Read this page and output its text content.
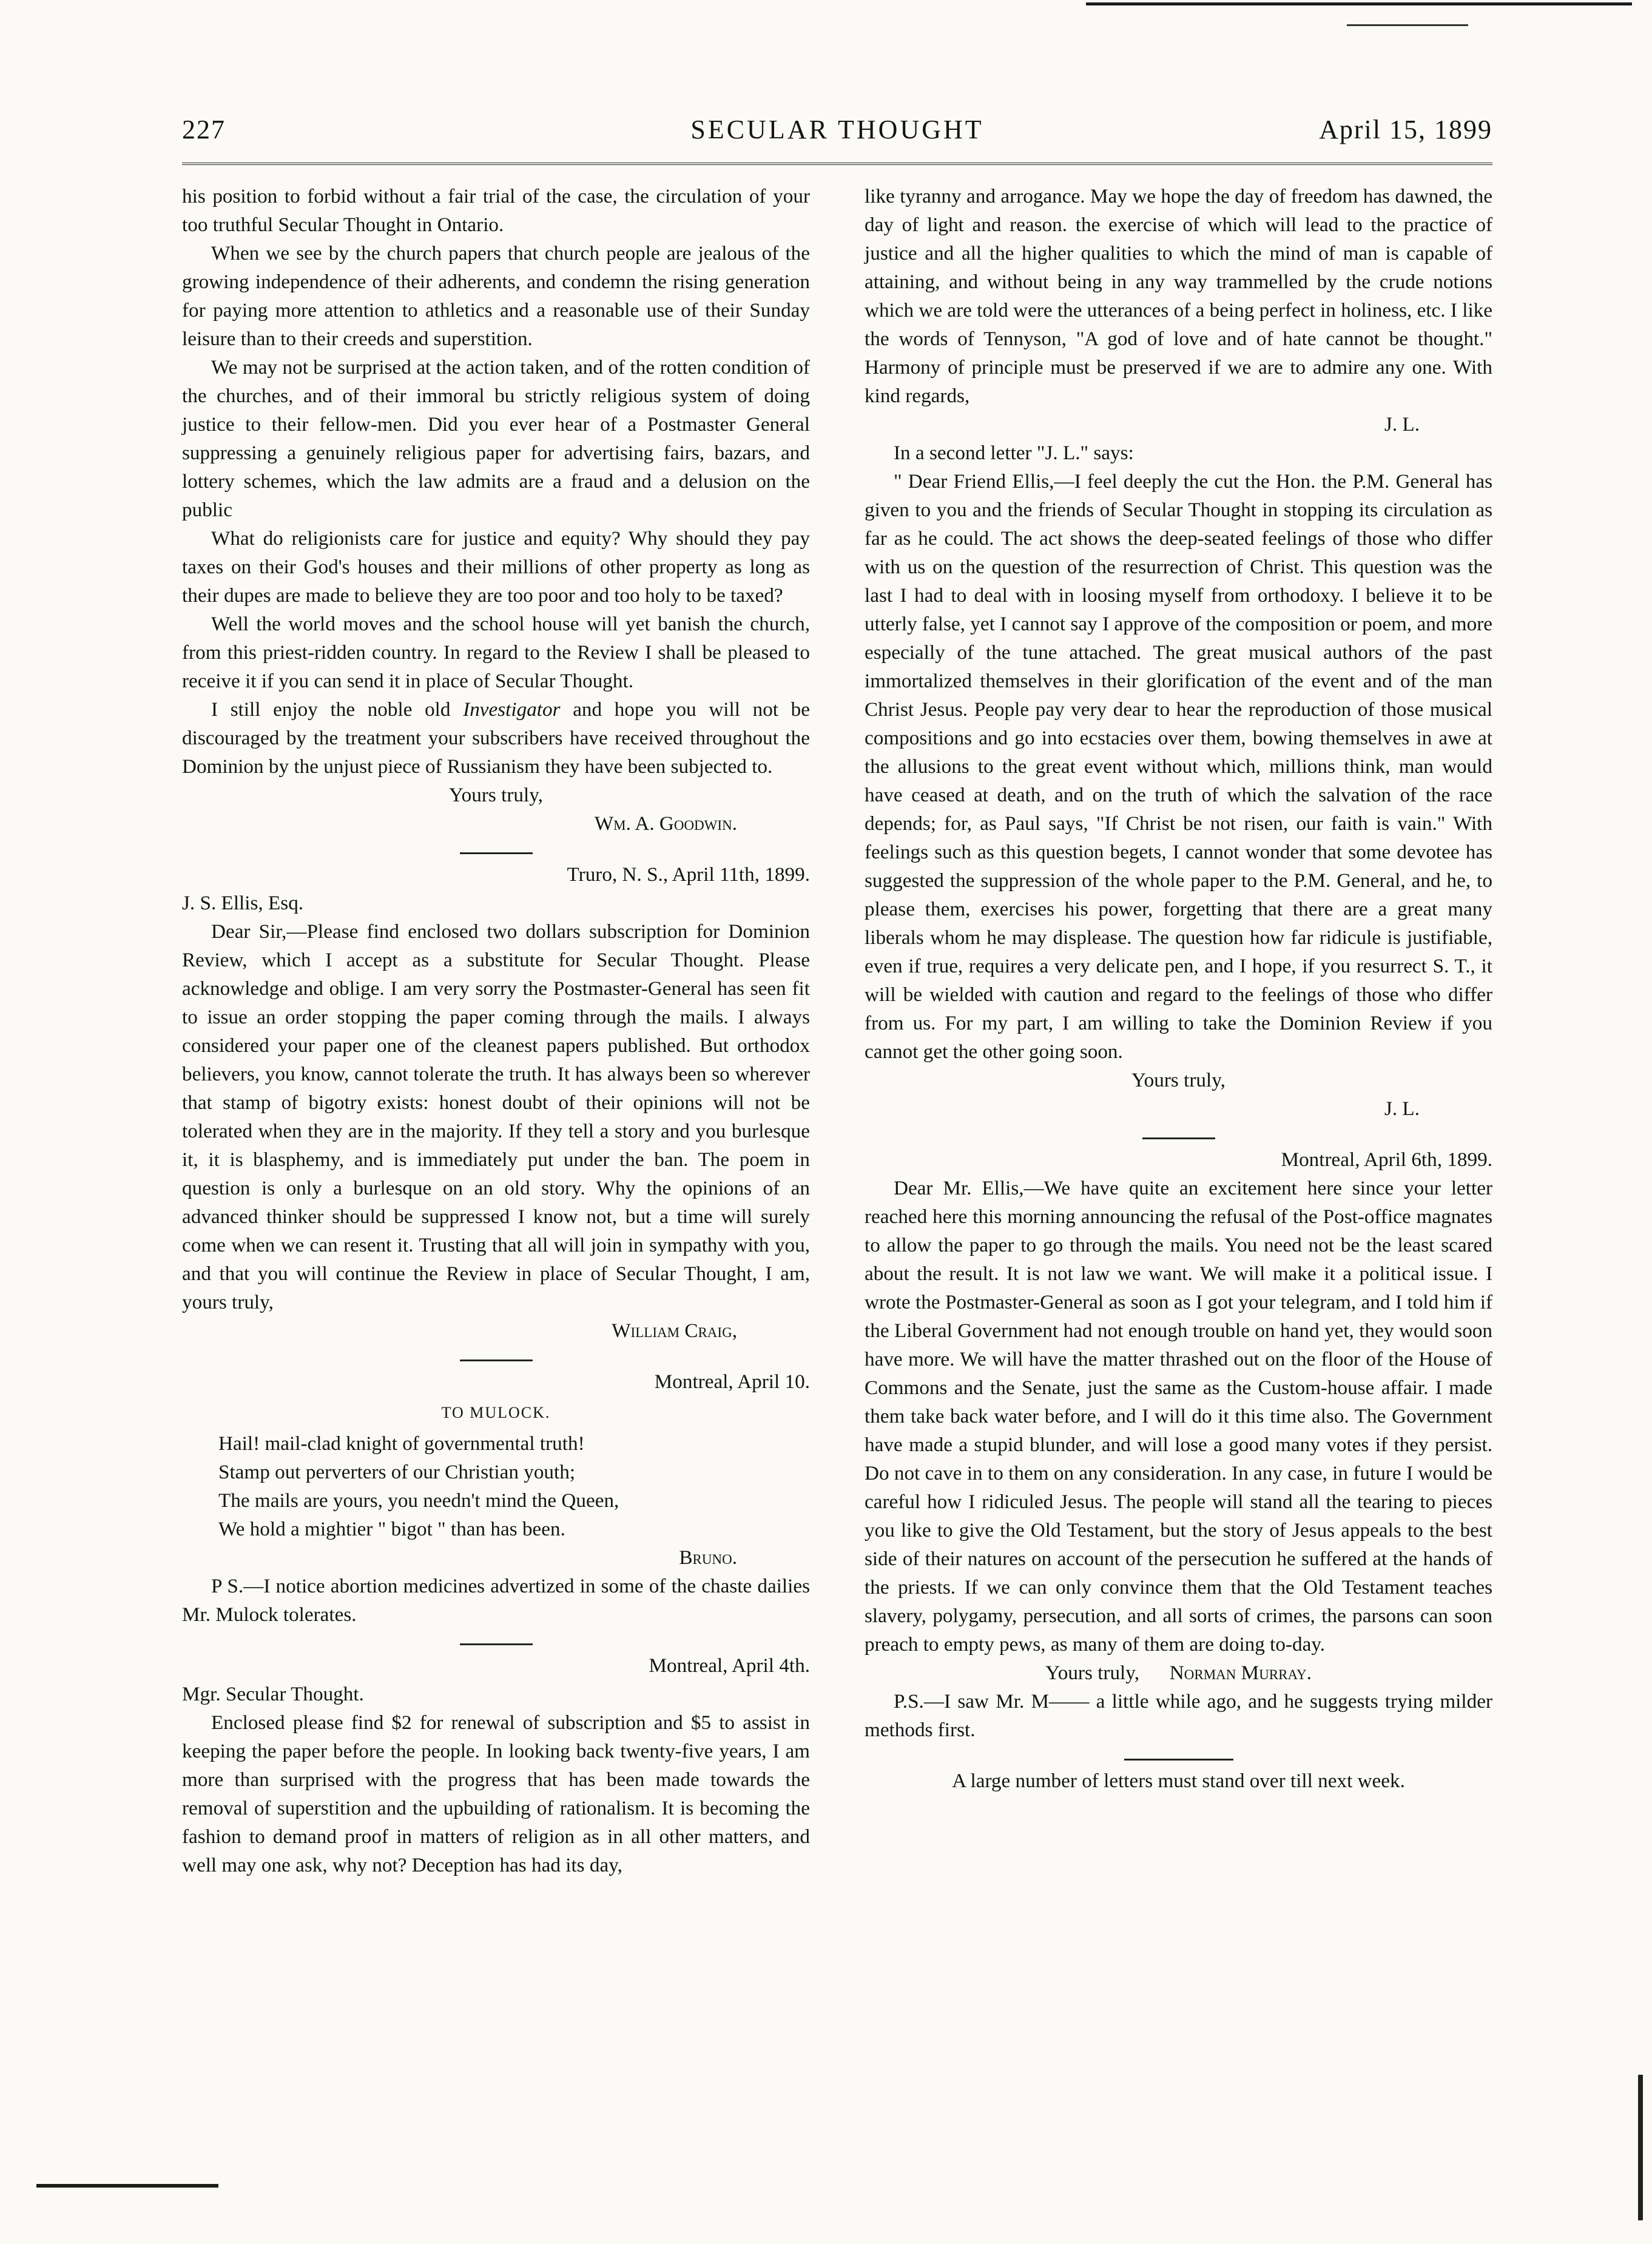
227	SECULAR THOUGHT	April 15, 1899

his position to forbid without a fair trial of the case, the circulation of your too truthful Secular Thought in Ontario.

When we see by the church papers that church people are jealous of the growing independence of their adherents, and condemn the rising generation for paying more attention to athletics and a reasonable use of their Sunday leisure than to their creeds and superstition.

We may not be surprised at the action taken, and of the rotten condition of the churches, and of their immoral bu strictly religious system of doing justice to their fellow-men. Did you ever hear of a Postmaster General suppressing a genuinely religious paper for advertising fairs, bazars, and lottery schemes, which the law admits are a fraud and a delusion on the public

What do religionists care for justice and equity? Why should they pay taxes on their God's houses and their millions of other property as long as their dupes are made to believe they are too poor and too holy to be taxed?

Well the world moves and the school house will yet banish the church, from this priest-ridden country. In regard to the Review I shall be pleased to receive it if you can send it in place of Secular Thought.

I still enjoy the noble old Investigator and hope you will not be discouraged by the treatment your subscribers have received throughout the Dominion by the unjust piece of Russianism they have been subjected to.

Yours truly,

Wm. A. Goodwin.

Truro, N. S., April 11th, 1899.

J. S. Ellis, Esq.

Dear Sir,—Please find enclosed two dollars subscription for Dominion Review, which I accept as a substitute for Secular Thought. Please acknowledge and oblige. I am very sorry the Postmaster-General has seen fit to issue an order stopping the paper coming through the mails. I always considered your paper one of the cleanest papers published. But orthodox believers, you know, cannot tolerate the truth. It has always been so wherever that stamp of bigotry exists: honest doubt of their opinions will not be tolerated when they are in the majority. If they tell a story and you burlesque it, it is blasphemy, and is immediately put under the ban. The poem in question is only a burlesque on an old story. Why the opinions of an advanced thinker should be suppressed I know not, but a time will surely come when we can resent it. Trusting that all will join in sympathy with you, and that you will continue the Review in place of Secular Thought, I am, yours truly,

William Craig,

Montreal, April 10.

TO MULOCK.

Hail! mail-clad knight of governmental truth!

Stamp out perverters of our Christian youth;

The mails are yours, you needn't mind the Queen,

We hold a mightier " bigot " than has been.

Bruno.

P S.—I notice abortion medicines advertized in some of the chaste dailies Mr. Mulock tolerates.

Montreal, April 4th.

Mgr. Secular Thought.

Enclosed please find $2 for renewal of subscription and $5 to assist in keeping the paper before the people. In looking back twenty-five years, I am more than surprised with the progress that has been made towards the removal of superstition and the upbuilding of rationalism. It is becoming the fashion to demand proof in matters of religion as in all other matters, and well may one ask, why not? Deception has had its day,

like tyranny and arrogance. May we hope the day of freedom has dawned, the day of light and reason. the exercise of which will lead to the practice of justice and all the higher qualities to which the mind of man is capable of attaining, and without being in any way trammelled by the crude notions which we are told were the utterances of a being perfect in holiness, etc. I like the words of Tennyson, "A god of love and of hate cannot be thought." Harmony of principle must be preserved if we are to admire any one. With kind regards,

J. L.

In a second letter "J. L." says:

" Dear Friend Ellis,—I feel deeply the cut the Hon. the P.M. General has given to you and the friends of Secular Thought in stopping its circulation as far as he could. The act shows the deep-seated feelings of those who differ with us on the question of the resurrection of Christ. This question was the last I had to deal with in loosing myself from orthodoxy. I believe it to be utterly false, yet I cannot say I approve of the composition or poem, and more especially of the tune attached. The great musical authors of the past immortalized themselves in their glorification of the event and of the man Christ Jesus. People pay very dear to hear the reproduction of those musical compositions and go into ecstacies over them, bowing themselves in awe at the allusions to the great event without which, millions think, man would have ceased at death, and on the truth of which the salvation of the race depends; for, as Paul says, "If Christ be not risen, our faith is vain." With feelings such as this question begets, I cannot wonder that some devotee has suggested the suppression of the whole paper to the P.M. General, and he, to please them, exercises his power, forgetting that there are a great many liberals whom he may displease. The question how far ridicule is justifiable, even if true, requires a very delicate pen, and I hope, if you resurrect S. T., it will be wielded with caution and regard to the feelings of those who differ from us. For my part, I am willing to take the Dominion Review if you cannot get the other going soon.

Yours truly,

J. L.

Montreal, April 6th, 1899.

Dear Mr. Ellis,—We have quite an excitement here since your letter reached here this morning announcing the refusal of the Post-office magnates to allow the paper to go through the mails. You need not be the least scared about the result. It is not law we want. We will make it a political issue. I wrote the Postmaster-General as soon as I got your telegram, and I told him if the Liberal Government had not enough trouble on hand yet, they would soon have more. We will have the matter thrashed out on the floor of the House of Commons and the Senate, just the same as the Custom-house affair. I made them take back water before, and I will do it this time also. The Government have made a stupid blunder, and will lose a good many votes if they persist. Do not cave in to them on any consideration. In any case, in future I would be careful how I ridiculed Jesus. The people will stand all the tearing to pieces you like to give the Old Testament, but the story of Jesus appeals to the best side of their natures on account of the persecution he suffered at the hands of the priests. If we can only convince them that the Old Testament teaches slavery, polygamy, persecution, and all sorts of crimes, the parsons can soon preach to empty pews, as many of them are doing to-day.

Yours truly, Norman Murray.

P.S.—I saw Mr. M—— a little while ago, and he suggests trying milder methods first.

A large number of letters must stand over till next week.
